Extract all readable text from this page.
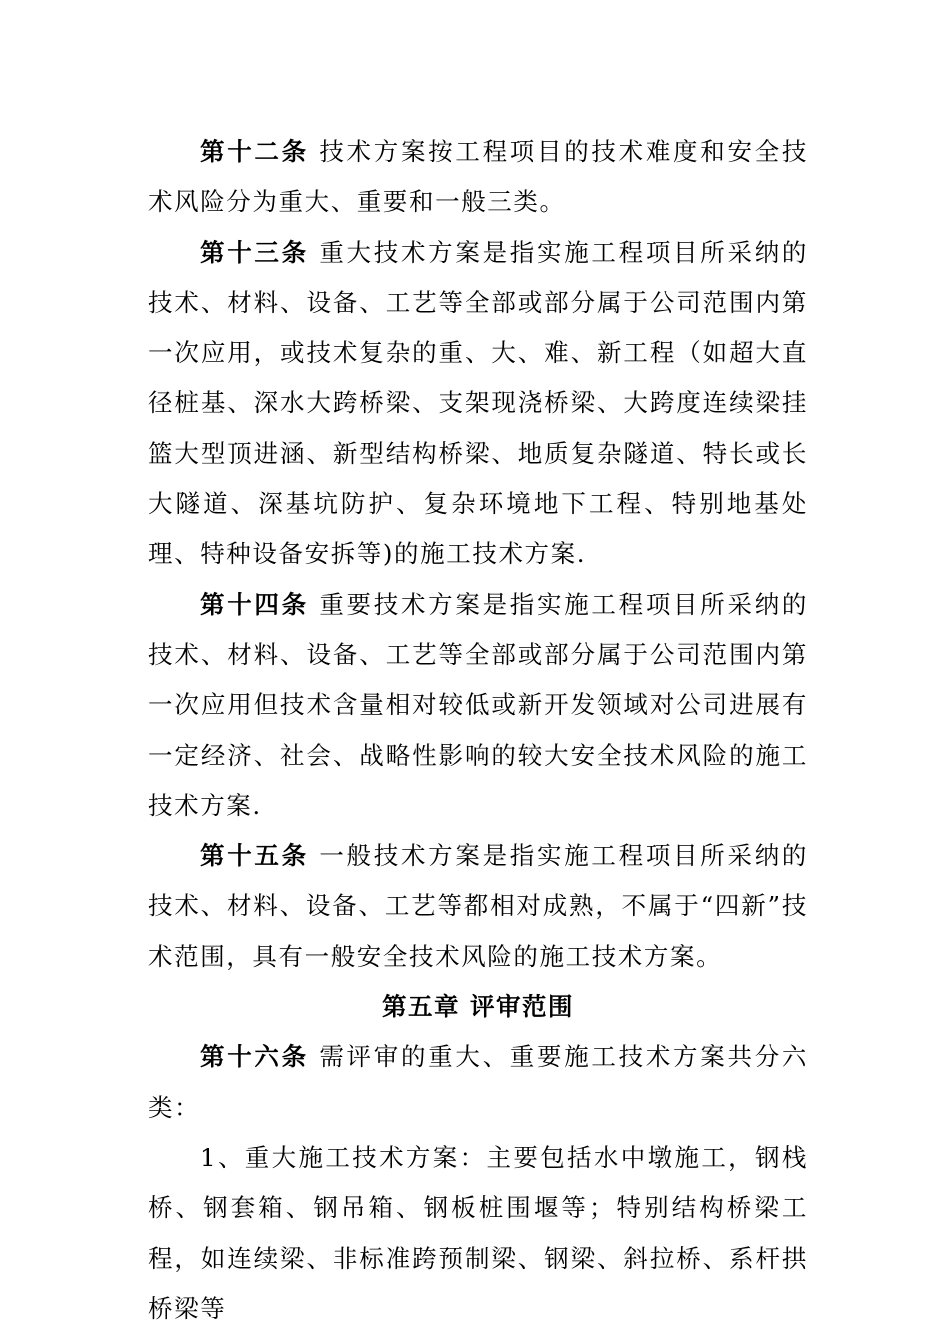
第十二条 技术方案按工程项目的技术难度和安全技术风险分为重大、重要和一般三类。

第十三条 重大技术方案是指实施工程项目所采纳的技术、材料、设备、工艺等全部或部分属于公司范围内第一次应用，或技术复杂的重、大、难、新工程（如超大直径桩基、深水大跨桥梁、支架现浇桥梁、大跨度连续梁挂篮大型顶进涵、新型结构桥梁、地质复杂隧道、特长或长大隧道、深基坑防护、复杂环境地下工程、特别地基处理、特种设备安拆等)的施工技术方案.

第十四条 重要技术方案是指实施工程项目所采纳的技术、材料、设备、工艺等全部或部分属于公司范围内第一次应用但技术含量相对较低或新开发领域对公司进展有一定经济、社会、战略性影响的较大安全技术风险的施工技术方案.

第十五条 一般技术方案是指实施工程项目所采纳的技术、材料、设备、工艺等都相对成熟，不属于“四新”技术范围，具有一般安全技术风险的施工技术方案。

第五章 评审范围

第十六条 需评审的重大、重要施工技术方案共分六类：

1、重大施工技术方案：主要包括水中墩施工，钢栈桥、钢套箱、钢吊箱、钢板桩围堰等；特别结构桥梁工程，如连续梁、非标准跨预制梁、钢梁、斜拉桥、系杆拱桥梁等
